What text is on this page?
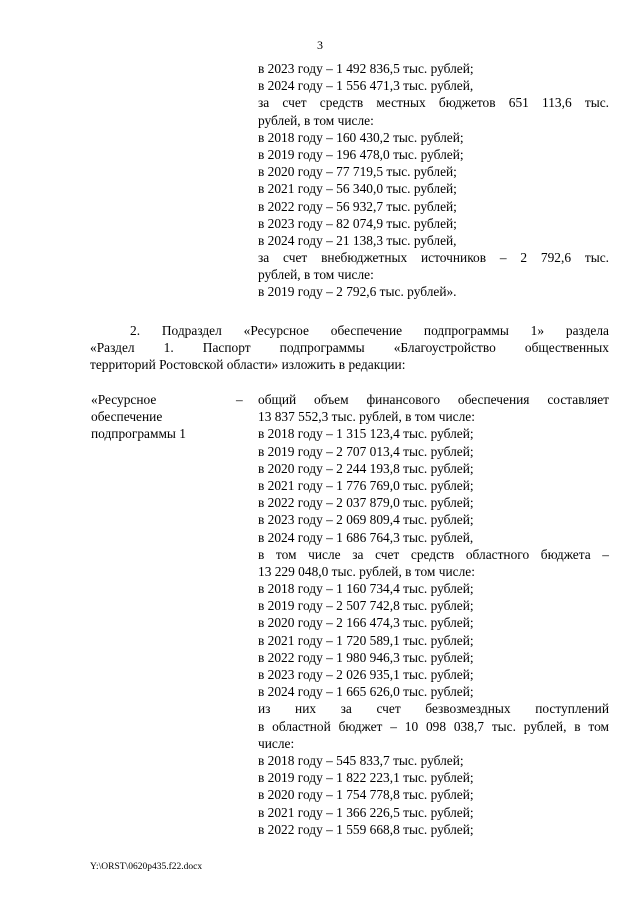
3
в 2023 году – 1 492 836,5 тыс. рублей;
в 2024 году – 1 556 471,3 тыс. рублей,
за счет средств местных бюджетов 651 113,6 тыс.
рублей, в том числе:
в 2018 году – 160 430,2 тыс. рублей;
в 2019 году – 196 478,0 тыс. рублей;
в 2020 году – 77 719,5 тыс. рублей;
в 2021 году – 56 340,0 тыс. рублей;
в 2022 году – 56 932,7 тыс. рублей;
в 2023 году – 82 074,9 тыс. рублей;
в 2024 году – 21 138,3 тыс. рублей,
за счет внебюджетных источников – 2 792,6 тыс.
рублей, в том числе:
в 2019 году – 2 792,6 тыс. рублей».
2. Подраздел «Ресурсное обеспечение подпрограммы 1» раздела
«Раздел 1. Паспорт подпрограммы «Благоустройство общественных
территорий Ростовской области» изложить в редакции:
«Ресурсное
обеспечение
подпрограммы 1
– общий объем финансового обеспечения составляет
13 837 552,3 тыс. рублей, в том числе:
в 2018 году – 1 315 123,4 тыс. рублей;
в 2019 году – 2 707 013,4 тыс. рублей;
в 2020 году – 2 244 193,8 тыс. рублей;
в 2021 году – 1 776 769,0 тыс. рублей;
в 2022 году – 2 037 879,0 тыс. рублей;
в 2023 году – 2 069 809,4 тыс. рублей;
в 2024 году – 1 686 764,3 тыс. рублей,
в том числе за счет средств областного бюджета –
13 229 048,0 тыс. рублей, в том числе:
в 2018 году – 1 160 734,4 тыс. рублей;
в 2019 году – 2 507 742,8 тыс. рублей;
в 2020 году – 2 166 474,3 тыс. рублей;
в 2021 году – 1 720 589,1 тыс. рублей;
в 2022 году – 1 980 946,3 тыс. рублей;
в 2023 году – 2 026 935,1 тыс. рублей;
в 2024 году – 1 665 626,0 тыс. рублей;
из них за счет безвозмездных поступлений
в областной бюджет – 10 098 038,7 тыс. рублей, в том
числе:
в 2018 году – 545 833,7 тыс. рублей;
в 2019 году – 1 822 223,1 тыс. рублей;
в 2020 году – 1 754 778,8 тыс. рублей;
в 2021 году – 1 366 226,5 тыс. рублей;
в 2022 году – 1 559 668,8 тыс. рублей;
Y:\ORST\0620p435.f22.docx
